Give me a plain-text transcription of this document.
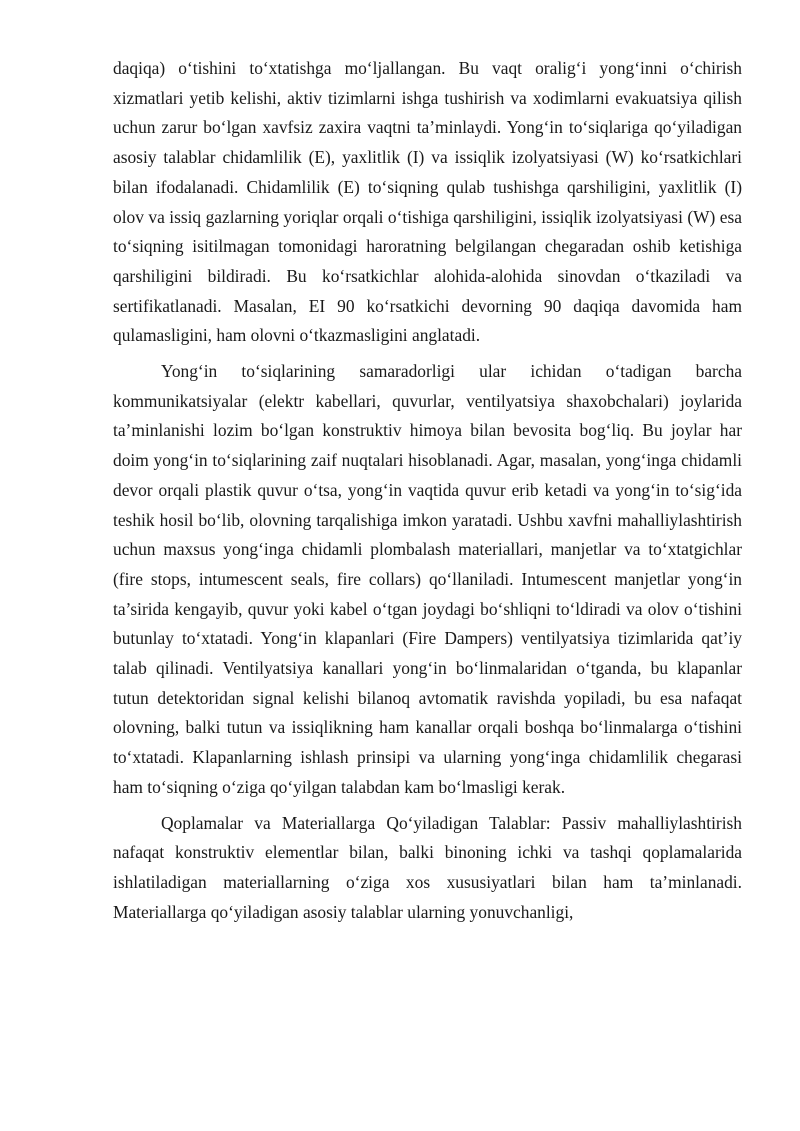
daqiqa) o‘tishini to‘xtatishga mo‘ljallangan. Bu vaqt oralig‘i yong‘inni o‘chirish xizmatlari yetib kelishi, aktiv tizimlarni ishga tushirish va xodimlarni evakuatsiya qilish uchun zarur bo‘lgan xavfsiz zaxira vaqtni ta’minlaydi. Yong‘in to‘siqlariga qo‘yiladigan asosiy talablar chidamlilik (E), yaxlitlik (I) va issiqlik izolyatsiyasi (W) ko‘rsatkichlari bilan ifodalanadi. Chidamlilik (E) to‘siqning qulab tushishga qarshiligini, yaxlitlik (I) olov va issiq gazlarning yoriqlar orqali o‘tishiga qarshiligini, issiqlik izolyatsiyasi (W) esa to‘siqning isitilmagan tomonidagi haroratning belgilangan chegaradan oshib ketishiga qarshiligini bildiradi. Bu ko‘rsatkichlar alohida-alohida sinovdan o‘tkaziladi va sertifikatlanadi. Masalan, EI 90 ko‘rsatkichi devorning 90 daqiqa davomida ham qulamasligini, ham olovni o‘tkazmasligini anglatadi.

Yong‘in to‘siqlarining samaradorligi ular ichidan o‘tadigan barcha kommunikatsiyalar (elektr kabellari, quvurlar, ventilyatsiya shaxobchalari) joylarida ta’minlanishi lozim bo‘lgan konstruktiv himoya bilan bevosita bog‘liq. Bu joylar har doim yong‘in to‘siqlarining zaif nuqtalari hisoblanadi. Agar, masalan, yong‘inga chidamli devor orqali plastik quvur o‘tsa, yong‘in vaqtida quvur erib ketadi va yong‘in to‘sig‘ida teshik hosil bo‘lib, olovning tarqalishiga imkon yaratadi. Ushbu xavfni mahalliylashtirish uchun maxsus yong‘inga chidamli plombalash materiallari, manjetlar va to‘xtatgichlar (fire stops, intumescent seals, fire collars) qo‘llaniladi. Intumescent manjetlar yong‘in ta’sirida kengayib, quvur yoki kabel o‘tgan joydagi bo‘shliqni to‘ldiradi va olov o‘tishini butunlay to‘xtatadi. Yong‘in klapanlari (Fire Dampers) ventilyatsiya tizimlarida qat’iy talab qilinadi. Ventilyatsiya kanallari yong‘in bo‘linmalaridan o‘tganda, bu klapanlar tutun detektoridan signal kelishi bilanoq avtomatik ravishda yopiladi, bu esa nafaqat olovning, balki tutun va issiqlikning ham kanallar orqali boshqa bo‘linmalarga o‘tishini to‘xtatadi. Klapanlarning ishlash prinsipi va ularning yong‘inga chidamlilik chegarasi ham to‘siqning o‘ziga qo‘yilgan talabdan kam bo‘lmasligi kerak.

Qoplamalar va Materiallarga Qo‘yiladigan Talablar: Passiv mahalliylashtirish nafaqat konstruktiv elementlar bilan, balki binoning ichki va tashqi qoplamalarida ishlatiladigan materiallarning o‘ziga xos xususiyatlari bilan ham ta’minlanadi. Materiallarga qo‘yiladigan asosiy talablar ularning yonuvchanligi,
